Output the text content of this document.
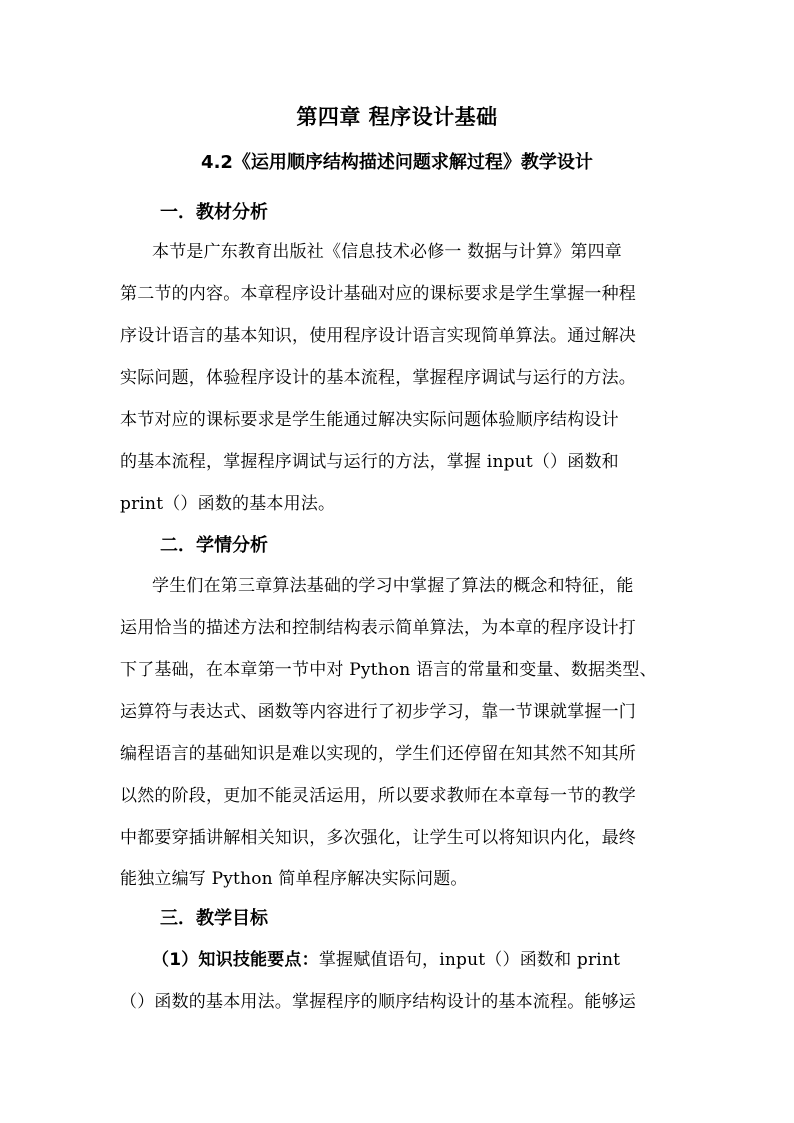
第四章 程序设计基础
4.2《运用顺序结构描述问题求解过程》教学设计
一．教材分析
本节是广东教育出版社《信息技术必修一 数据与计算》第四章
第二节的内容。本章程序设计基础对应的课标要求是学生掌握一种程
序设计语言的基本知识，使用程序设计语言实现简单算法。通过解决
实际问题，体验程序设计的基本流程，掌握程序调试与运行的方法。
本节对应的课标要求是学生能通过解决实际问题体验顺序结构设计
的基本流程，掌握程序调试与运行的方法，掌握 input（）函数和
print（）函数的基本用法。
二．学情分析
学生们在第三章算法基础的学习中掌握了算法的概念和特征，能
运用恰当的描述方法和控制结构表示简单算法，为本章的程序设计打
下了基础，在本章第一节中对 Python 语言的常量和变量、数据类型、
运算符与表达式、函数等内容进行了初步学习，靠一节课就掌握一门
编程语言的基础知识是难以实现的，学生们还停留在知其然不知其所
以然的阶段，更加不能灵活运用，所以要求教师在本章每一节的教学
中都要穿插讲解相关知识，多次强化，让学生可以将知识内化，最终
能独立编写 Python 简单程序解决实际问题。
三．教学目标
（1）知识技能要点：掌握赋值语句，input（）函数和 print
（）函数的基本用法。掌握程序的顺序结构设计的基本流程。能够运
